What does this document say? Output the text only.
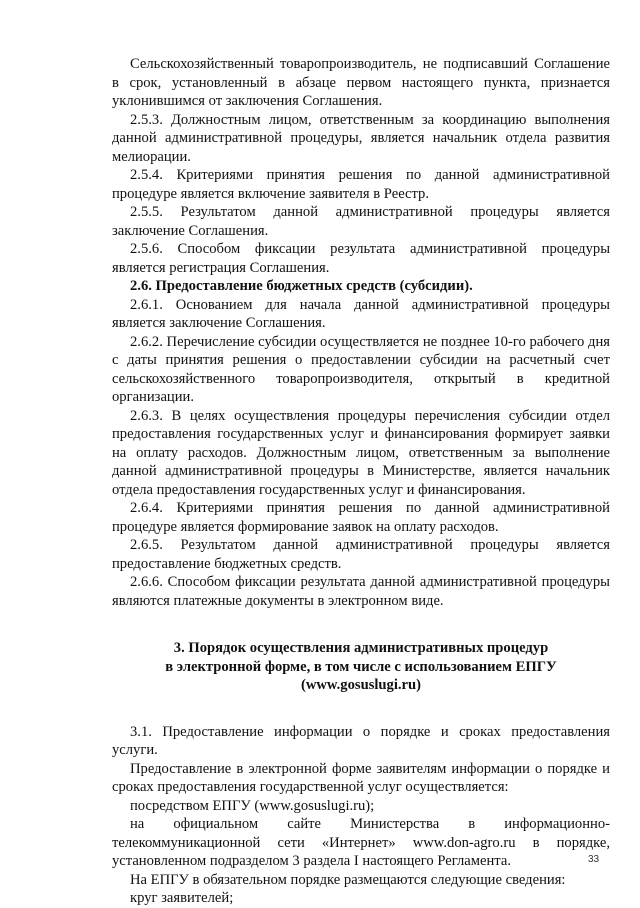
Сельскохозяйственный товаропроизводитель, не подписавший Соглашение в срок, установленный в абзаце первом настоящего пункта, признается уклонившимся от заключения Соглашения.

2.5.3. Должностным лицом, ответственным за координацию выполнения данной административной процедуры, является начальник отдела развития мелиорации.

2.5.4. Критериями принятия решения по данной административной процедуре является включение заявителя в Реестр.

2.5.5. Результатом данной административной процедуры является заключение Соглашения.

2.5.6. Способом фиксации результата административной процедуры является регистрация Соглашения.

2.6. Предоставление бюджетных средств (субсидии).

2.6.1. Основанием для начала данной административной процедуры является заключение Соглашения.

2.6.2. Перечисление субсидии осуществляется не позднее 10-го рабочего дня с даты принятия решения о предоставлении субсидии на расчетный счет сельскохозяйственного товаропроизводителя, открытый в кредитной организации.

2.6.3. В целях осуществления процедуры перечисления субсидии отдел предоставления государственных услуг и финансирования формирует заявки на оплату расходов. Должностным лицом, ответственным за выполнение данной административной процедуры в Министерстве, является начальник отдела предоставления государственных услуг и финансирования.

2.6.4. Критериями принятия решения по данной административной процедуре является формирование заявок на оплату расходов.

2.6.5. Результатом данной административной процедуры является предоставление бюджетных средств.

2.6.6. Способом фиксации результата данной административной процедуры являются платежные документы в электронном виде.

3. Порядок осуществления административных процедур
в электронной форме, в том числе с использованием ЕПГУ
(www.gosuslugi.ru)

3.1. Предоставление информации о порядке и сроках предоставления услуги.

Предоставление в электронной форме заявителям информации о порядке и сроках предоставления государственной услуг осуществляется:

посредством ЕПГУ (www.gosuslugi.ru);

на официальном сайте Министерства в информационно-телекоммуникационной сети «Интернет» www.don-agro.ru в порядке, установленном подразделом 3 раздела I настоящего Регламента.

На ЕПГУ в обязательном порядке размещаются следующие сведения:

круг заявителей;

33
